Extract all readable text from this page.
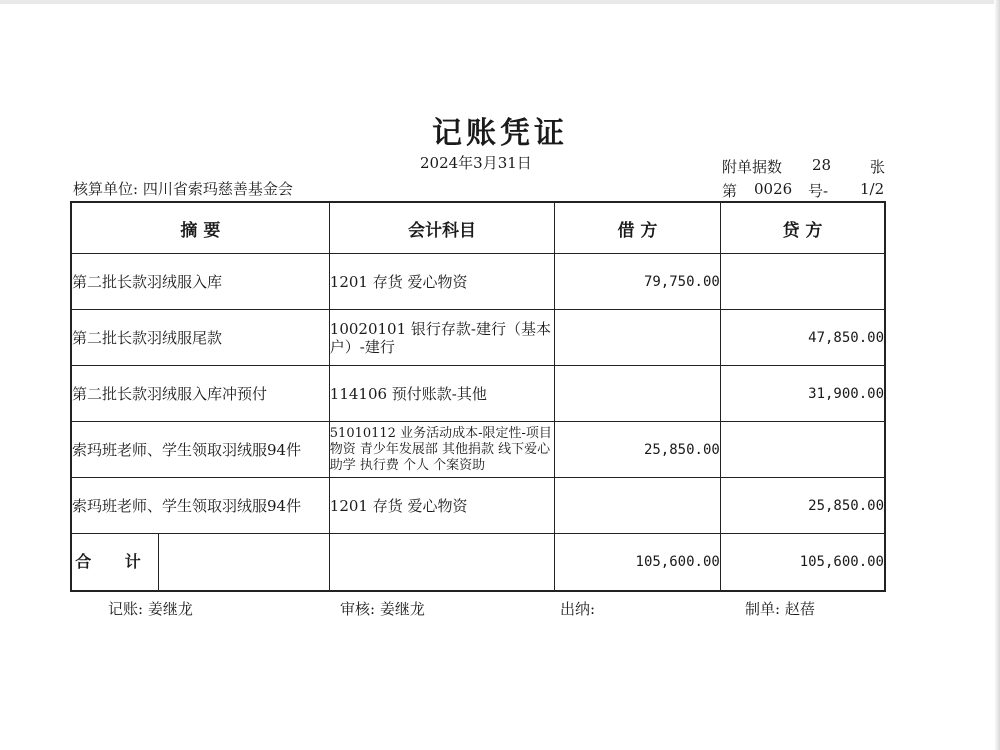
记账凭证
2024年3月31日
核算单位: 四川省索玛慈善基金会
附单据数 28	张
第 0026 号- 1/2
摘 要	会计科目	借 方	贷 方
第二批长款羽绒服入库	1201 存货 爱心物资	79,750.00	
第二批长款羽绒服尾款	10020101 银行存款-建行（基本户）-建行		47,850.00
第二批长款羽绒服入库冲预付	114106 预付账款-其他		31,900.00
索玛班老师、学生领取羽绒服94件	51010112 业务活动成本-限定性-项目物资 青少年发展部 其他捐款 线下爱心助学 执行费 个人 个案资助	25,850.00	
索玛班老师、学生领取羽绒服94件	1201 存货 爱心物资		25,850.00

合 计		105,600.00	105,600.00
记账: 姜继龙	审核: 姜继龙	出纳:	制单: 赵蓓
